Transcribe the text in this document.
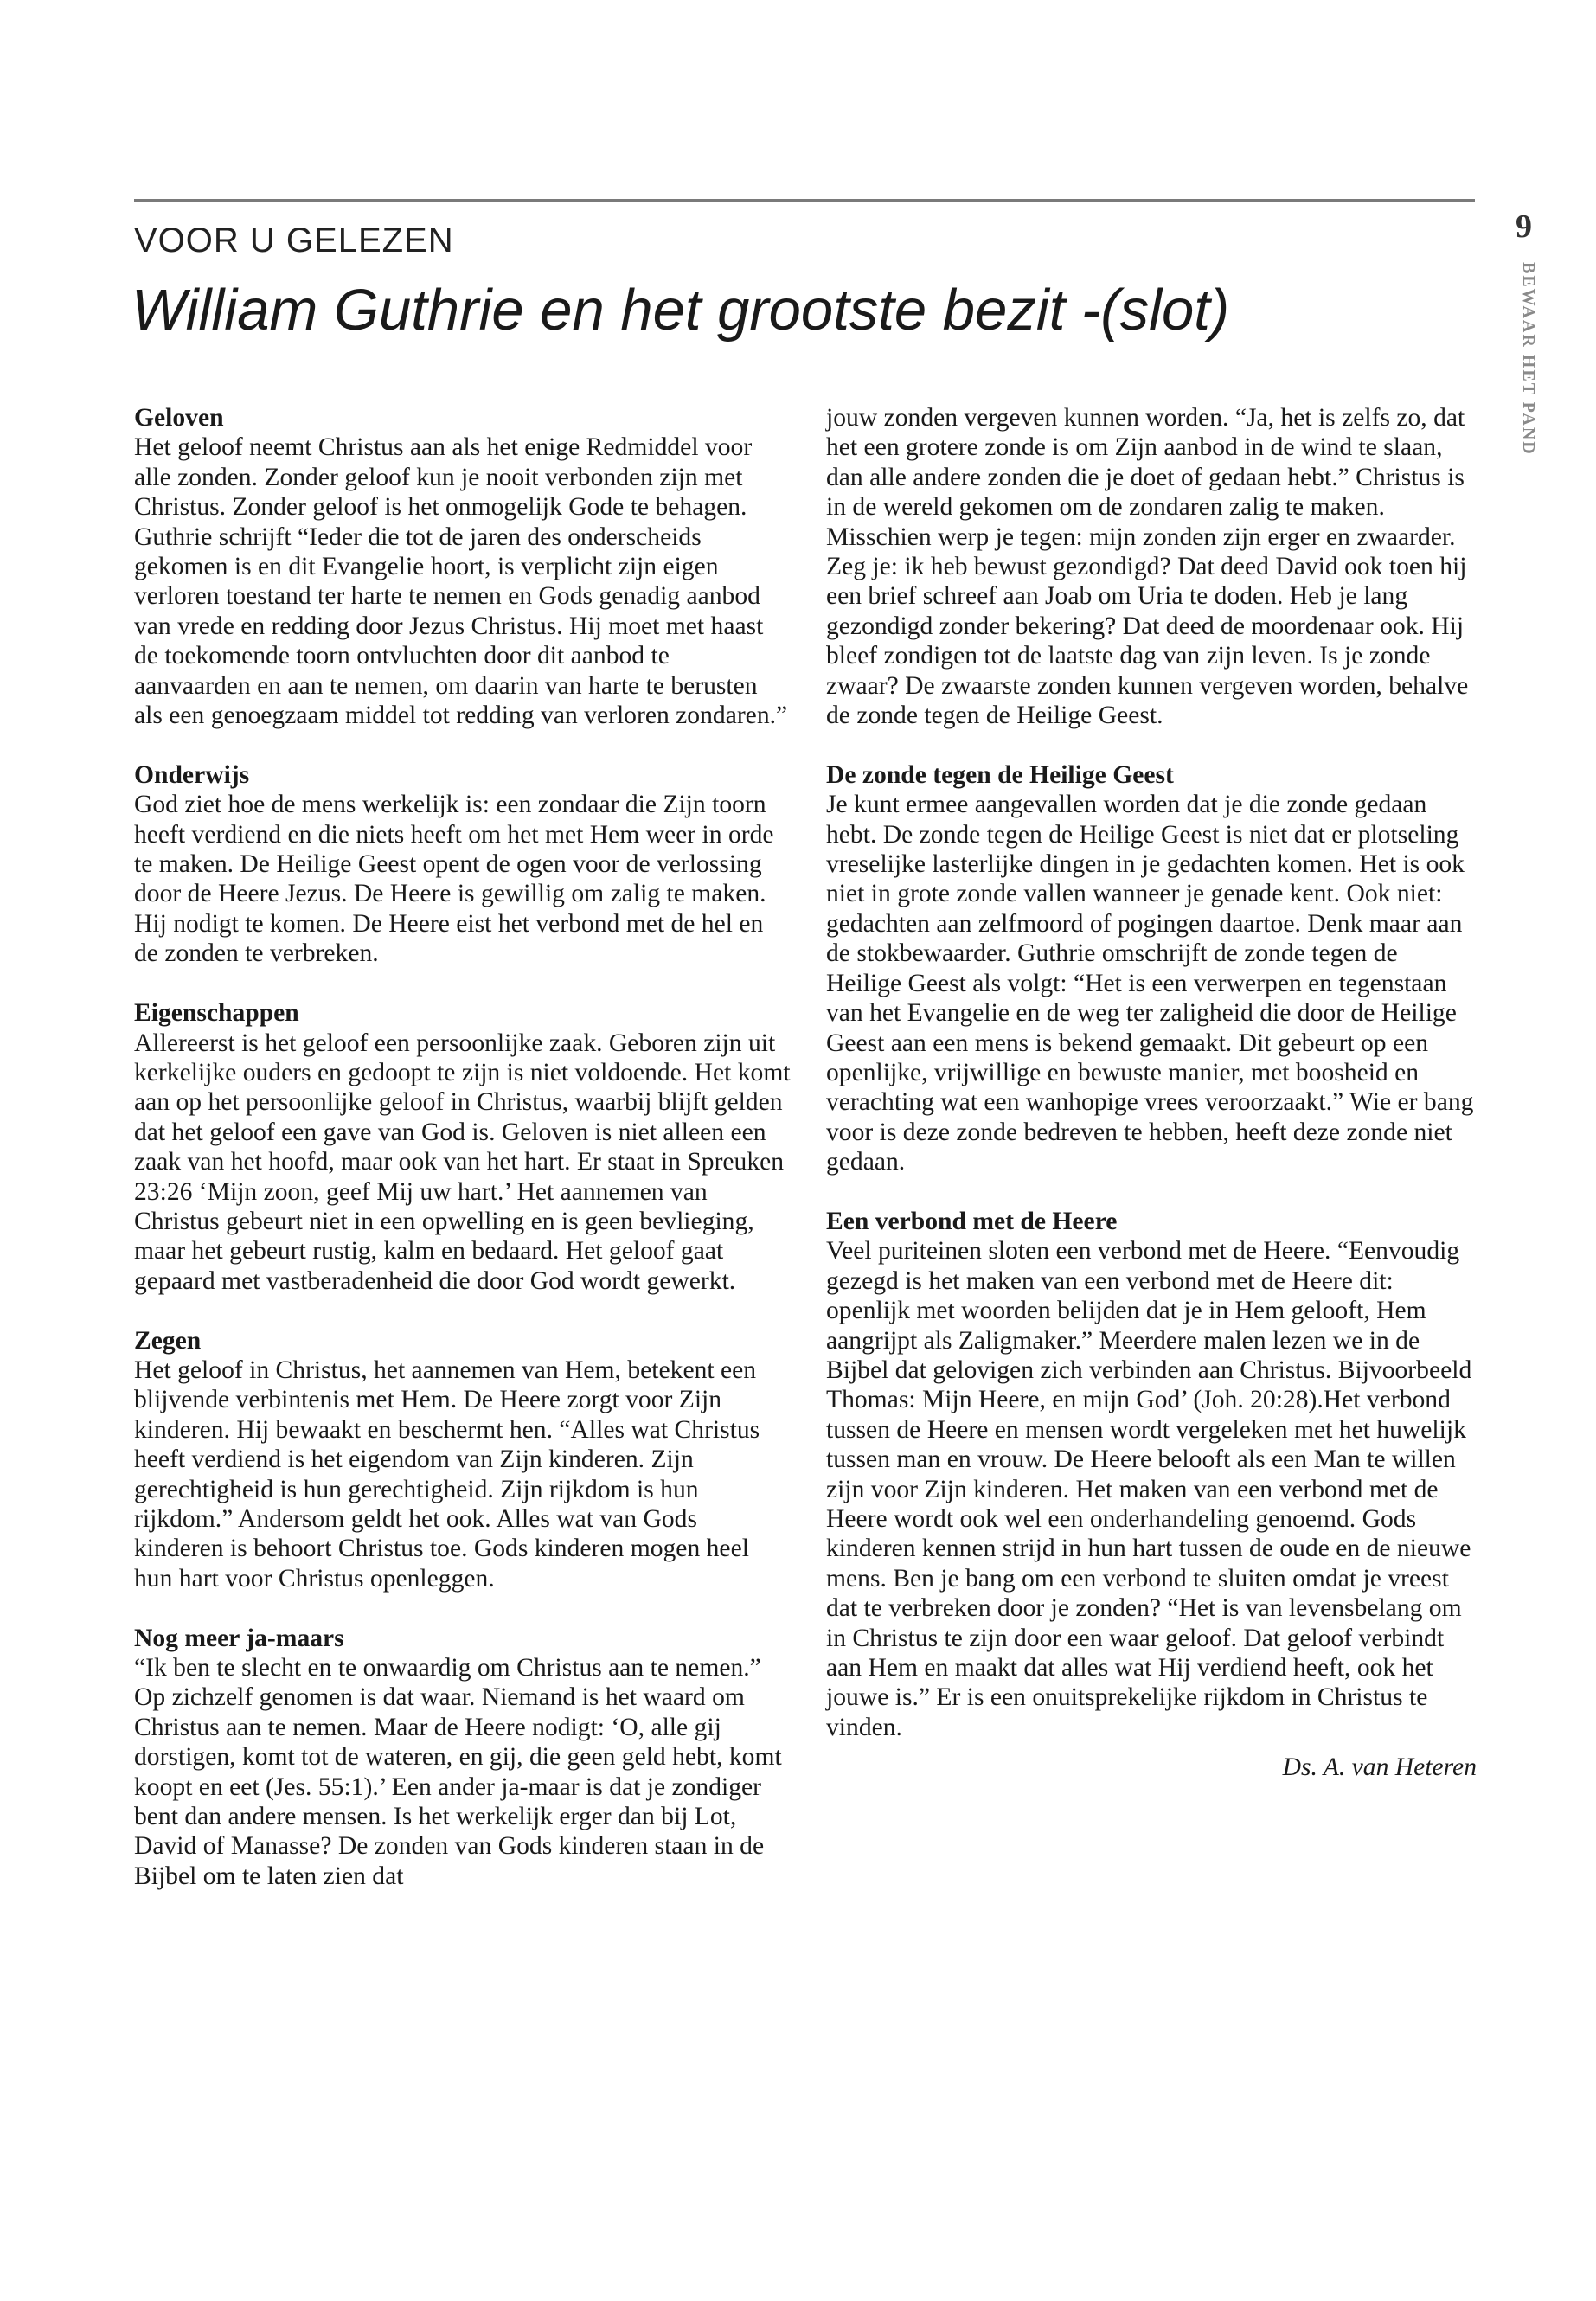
VOOR U GELEZEN
William Guthrie en het grootste bezit -(slot)
9
BEWAAR HET PAND
Geloven

Het geloof neemt Christus aan als het enige Redmiddel voor alle zonden. Zonder geloof kun je nooit verbonden zijn met Christus. Zonder geloof is het onmogelijk Gode te behagen. Guthrie schrijft “Ieder die tot de jaren des onderscheids gekomen is en dit Evangelie hoort, is verplicht zijn eigen verloren toestand ter harte te nemen en Gods genadig aanbod van vrede en redding door Jezus Christus. Hij moet met haast de toekomende toorn ontvluchten door dit aanbod te aanvaarden en aan te nemen, om daarin van harte te berusten als een genoegzaam middel tot redding van verloren zondaren.”

Onderwijs

God ziet hoe de mens werkelijk is: een zondaar die Zijn toorn heeft verdiend en die niets heeft om het met Hem weer in orde te maken. De Heilige Geest opent de ogen voor de verlossing door de Heere Jezus. De Heere is gewillig om zalig te maken. Hij nodigt te komen. De Heere eist het verbond met de hel en de zonden te verbreken.

Eigenschappen

Allereerst is het geloof een persoonlijke zaak. Geboren zijn uit kerkelijke ouders en gedoopt te zijn is niet voldoende. Het komt aan op het persoonlijke geloof in Christus, waarbij blijft gelden dat het geloof een gave van God is. Geloven is niet alleen een zaak van het hoofd, maar ook van het hart. Er staat in Spreuken 23:26 ‘Mijn zoon, geef Mij uw hart.’ Het aannemen van Christus gebeurt niet in een opwelling en is geen bevlieging, maar het gebeurt rustig, kalm en bedaard. Het geloof gaat gepaard met vastberadenheid die door God wordt gewerkt.

Zegen

Het geloof in Christus, het aannemen van Hem, betekent een blijvende verbintenis met Hem. De Heere zorgt voor Zijn kinderen. Hij bewaakt en beschermt hen. “Alles wat Christus heeft verdiend is het eigendom van Zijn kinderen. Zijn gerechtigheid is hun gerechtigheid. Zijn rijkdom is hun rijkdom.” Andersom geldt het ook. Alles wat van Gods kinderen is behoort Christus toe. Gods kinderen mogen heel hun hart voor Christus openleggen.

Nog meer ja-maars

“Ik ben te slecht en te onwaardig om Christus aan te nemen.” Op zichzelf genomen is dat waar. Niemand is het waard om Christus aan te nemen. Maar de Heere nodigt: ‘O, alle gij dorstigen, komt tot de wateren, en gij, die geen geld hebt, komt koopt en eet (Jes. 55:1).’ Een ander ja-maar is dat je zondiger bent dan andere mensen. Is het werkelijk erger dan bij Lot, David of Manasse? De zonden van Gods kinderen staan in de Bijbel om te laten zien dat

jouw zonden vergeven kunnen worden. “Ja, het is zelfs zo, dat het een grotere zonde is om Zijn aanbod in de wind te slaan, dan alle andere zonden die je doet of gedaan hebt.” Christus is in de wereld gekomen om de zondaren zalig te maken. Misschien werp je tegen: mijn zonden zijn erger en zwaarder. Zeg je: ik heb bewust gezondigd? Dat deed David ook toen hij een brief schreef aan Joab om Uria te doden. Heb je lang gezondigd zonder bekering? Dat deed de moordenaar ook. Hij bleef zondigen tot de laatste dag van zijn leven. Is je zonde zwaar? De zwaarste zonden kunnen vergeven worden, behalve de zonde tegen de Heilige Geest.

De zonde tegen de Heilige Geest

Je kunt ermee aangevallen worden dat je die zonde gedaan hebt. De zonde tegen de Heilige Geest is niet dat er plotseling vreselijke lasterlijke dingen in je gedachten komen. Het is ook niet in grote zonde vallen wanneer je genade kent. Ook niet: gedachten aan zelfmoord of pogingen daartoe. Denk maar aan de stokbewaarder. Guthrie omschrijft de zonde tegen de Heilige Geest als volgt: “Het is een verwerpen en tegenstaan van het Evangelie en de weg ter zaligheid die door de Heilige Geest aan een mens is bekend gemaakt. Dit gebeurt op een openlijke, vrijwillige en bewuste manier, met boosheid en verachting wat een wanhopige vrees veroorzaakt.” Wie er bang voor is deze zonde bedreven te hebben, heeft deze zonde niet gedaan.

Een verbond met de Heere

Veel puriteinen sloten een verbond met de Heere. “Eenvoudig gezegd is het maken van een verbond met de Heere dit: openlijk met woorden belijden dat je in Hem gelooft, Hem aangrijpt als Zaligmaker.” Meerdere malen lezen we in de Bijbel dat gelovigen zich verbinden aan Christus. Bijvoorbeeld Thomas: Mijn Heere, en mijn God’ (Joh. 20:28).Het verbond tussen de Heere en mensen wordt vergeleken met het huwelijk tussen man en vrouw. De Heere belooft als een Man te willen zijn voor Zijn kinderen. Het maken van een verbond met de Heere wordt ook wel een onderhandeling genoemd. Gods kinderen kennen strijd in hun hart tussen de oude en de nieuwe mens. Ben je bang om een verbond te sluiten omdat je vreest dat te verbreken door je zonden? “Het is van levensbelang om in Christus te zijn door een waar geloof. Dat geloof verbindt aan Hem en maakt dat alles wat Hij verdiend heeft, ook het jouwe is.” Er is een onuitsprekelijke rijkdom in Christus te vinden.

Ds. A. van Heteren
